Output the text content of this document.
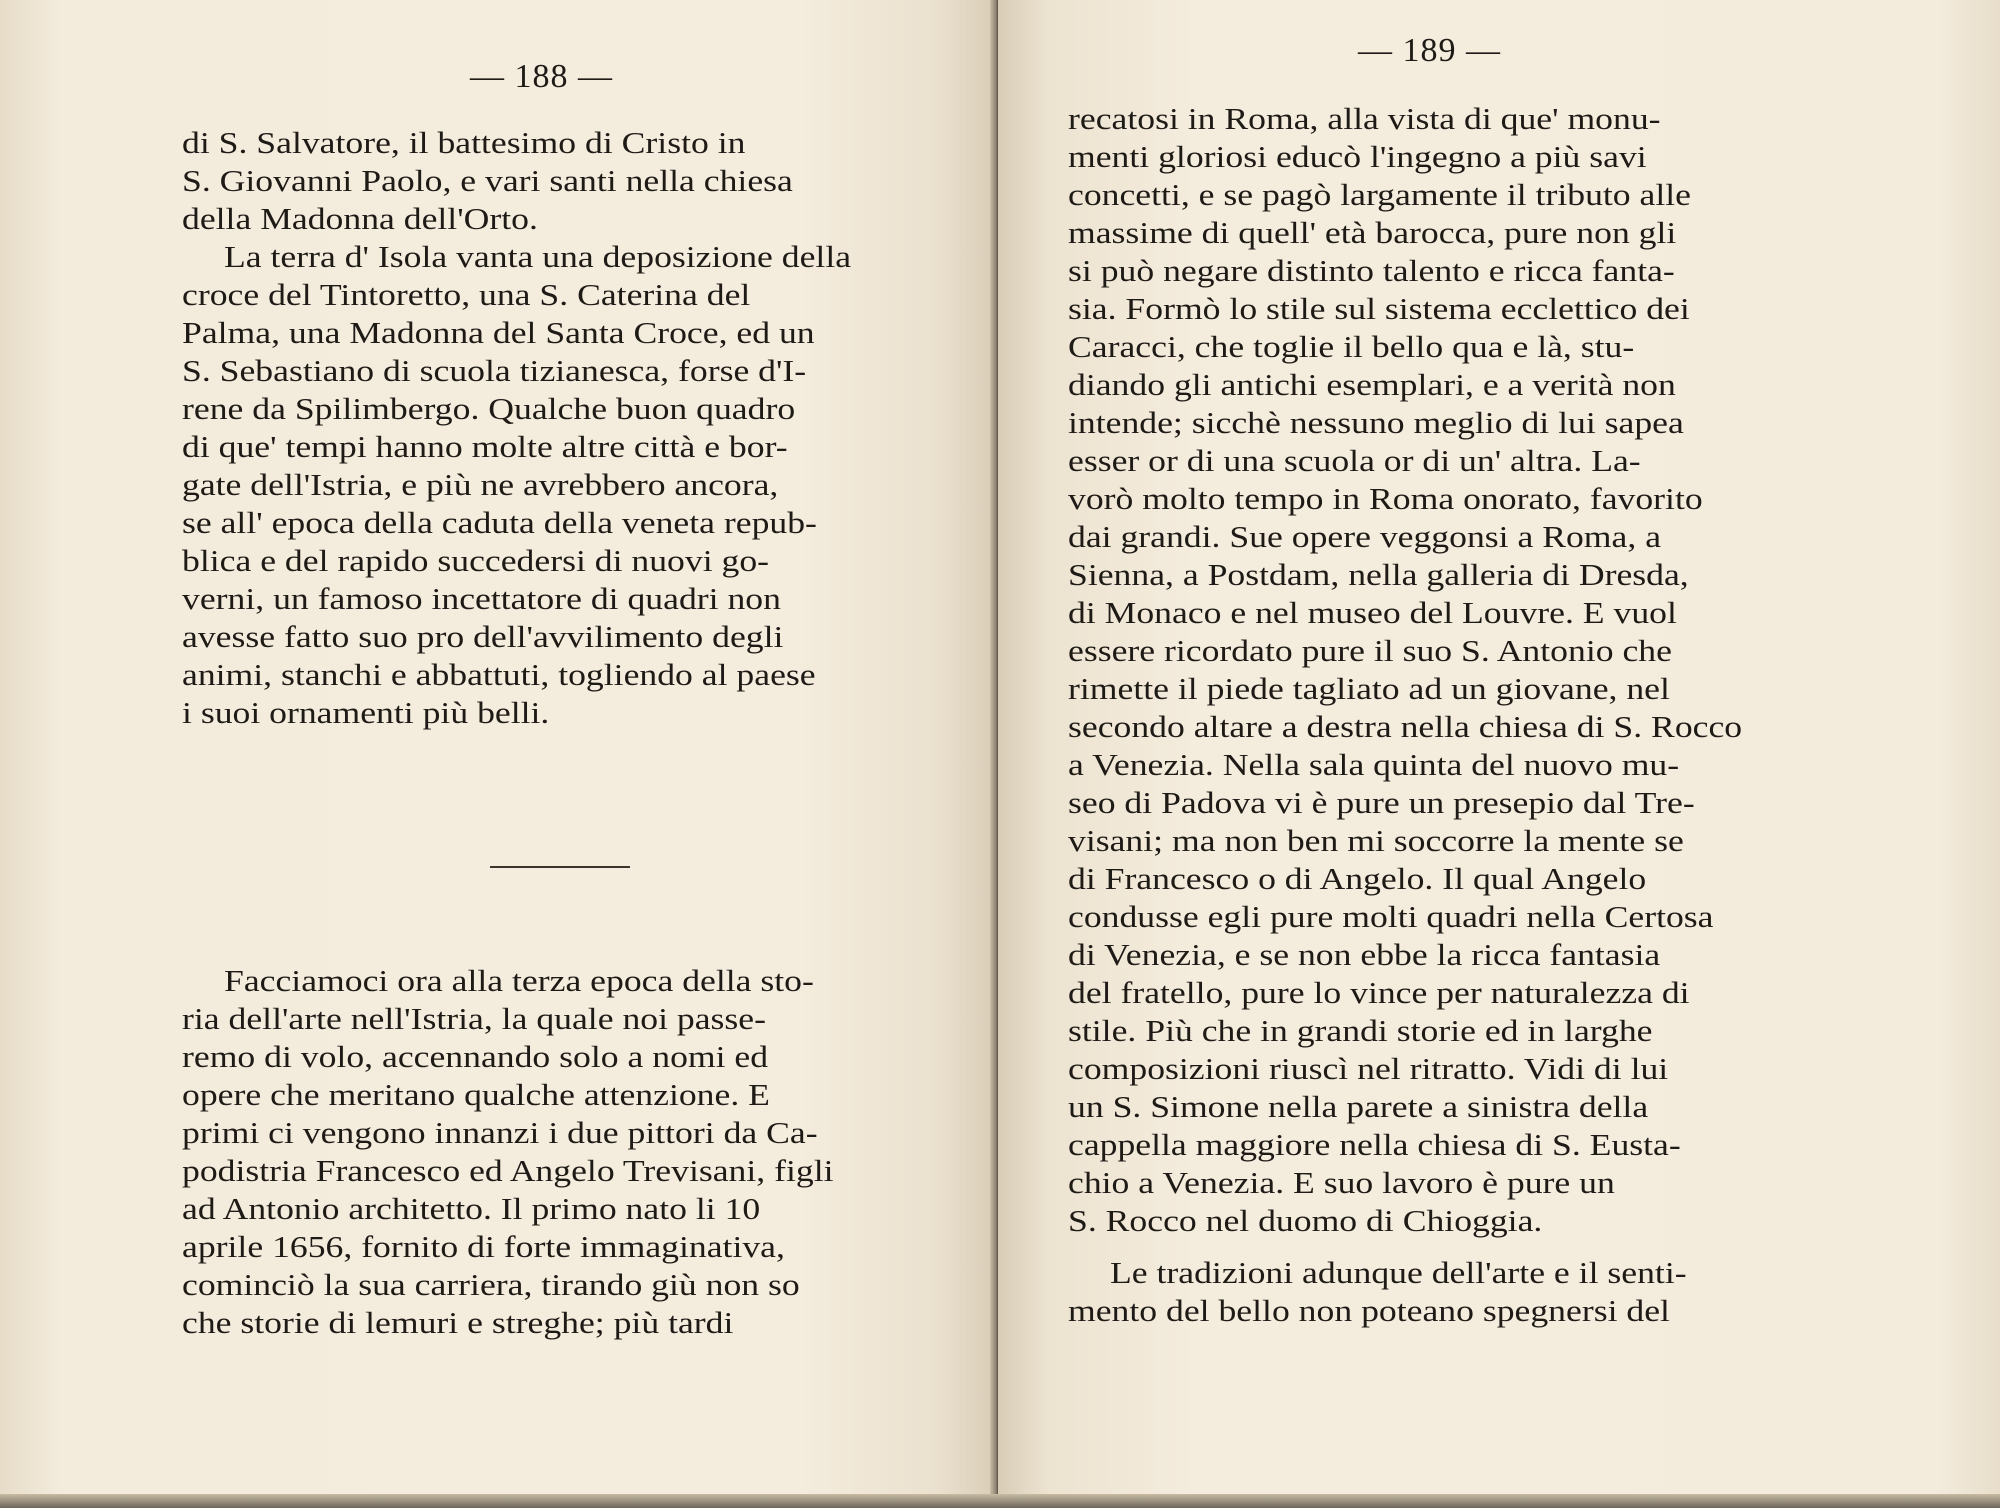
— 188 —
di S. Salvatore, il battesimo di Cristo in
S. Giovanni Paolo, e vari santi nella chiesa
della Madonna dell'Orto.
La terra d' Isola vanta una deposizione della
croce del Tintoretto, una S. Caterina del
Palma, una Madonna del Santa Croce, ed un
S. Sebastiano di scuola tizianesca, forse d'I-
rene da Spilimbergo. Qualche buon quadro
di que' tempi hanno molte altre città e bor-
gate dell'Istria, e più ne avrebbero ancora,
se all' epoca della caduta della veneta repub-
blica e del rapido succedersi di nuovi go-
verni, un famoso incettatore di quadri non
avesse fatto suo pro dell'avvilimento degli
animi, stanchi e abbattuti, togliendo al paese
i suoi ornamenti più belli.
Facciamoci ora alla terza epoca della sto-
ria dell'arte nell'Istria, la quale noi passe-
remo di volo, accennando solo a nomi ed
opere che meritano qualche attenzione. E
primi ci vengono innanzi i due pittori da Ca-
podistria Francesco ed Angelo Trevisani, figli
ad Antonio architetto. Il primo nato li 10
aprile 1656, fornito di forte immaginativa,
cominciò la sua carriera, tirando giù non so
che storie di lemuri e streghe; più tardi
— 189 —
recatosi in Roma, alla vista di que' monu-
menti gloriosi educò l'ingegno a più savi
concetti, e se pagò largamente il tributo alle
massime di quell' età barocca, pure non gli
si può negare distinto talento e ricca fanta-
sia. Formò lo stile sul sistema ecclettico dei
Caracci, che toglie il bello qua e là, stu-
diando gli antichi esemplari, e a verità non
intende; sicchè nessuno meglio di lui sapea
esser or di una scuola or di un' altra. La-
vorò molto tempo in Roma onorato, favorito
dai grandi. Sue opere veggonsi a Roma, a
Sienna, a Postdam, nella galleria di Dresda,
di Monaco e nel museo del Louvre. E vuol
essere ricordato pure il suo S. Antonio che
rimette il piede tagliato ad un giovane, nel
secondo altare a destra nella chiesa di S. Rocco
a Venezia. Nella sala quinta del nuovo mu-
seo di Padova vi è pure un presepio dal Tre-
visani; ma non ben mi soccorre la mente se
di Francesco o di Angelo. Il qual Angelo
condusse egli pure molti quadri nella Certosa
di Venezia, e se non ebbe la ricca fantasia
del fratello, pure lo vince per naturalezza di
stile. Più che in grandi storie ed in larghe
composizioni riuscì nel ritratto. Vidi di lui
un S. Simone nella parete a sinistra della
cappella maggiore nella chiesa di S. Eusta-
chio a Venezia. E suo lavoro è pure un
S. Rocco nel duomo di Chioggia.
Le tradizioni adunque dell'arte e il senti-
mento del bello non poteano spegnersi del
